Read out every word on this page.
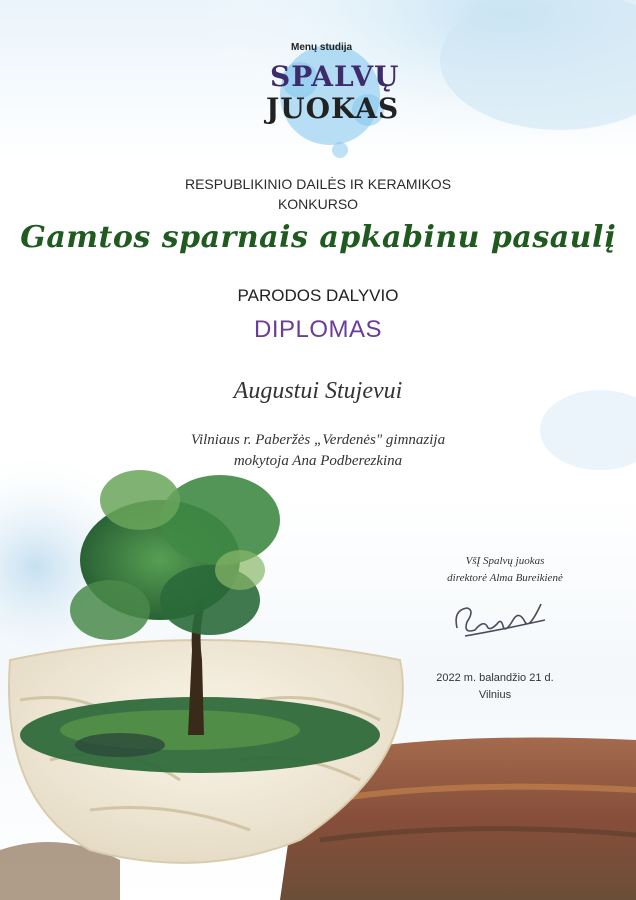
Menų studija
SPALVŲ
JUOKAS
RESPUBLIKINIO DAILĖS IR KERAMIKOS
KONKURSO
Gamtos sparnais apkabinu pasaulį
PARODOS DALYVIO
DIPLOMAS
Augustui Stujevui
Vilniaus r. Paberžės „Verdenės" gimnazija
mokytoja Ana Podberezkina
VšĮ Spalvų juokas
direktorė Alma Bureikienė
2022 m. balandžio 21 d.
Vilnius
